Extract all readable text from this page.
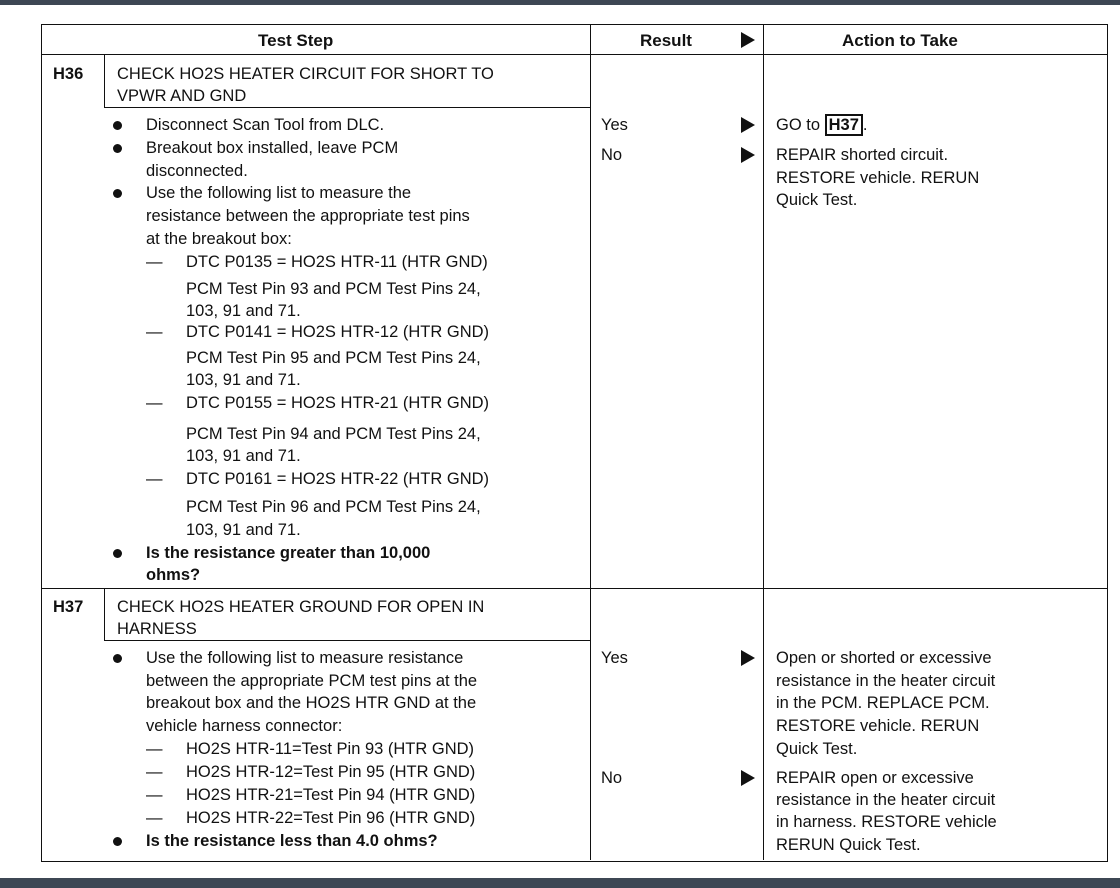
Test Step	Result	Action to Take
H36 CHECK HO2S HEATER CIRCUIT FOR SHORT TO
VPWR AND GND
Disconnect Scan Tool from DLC.
Breakout box installed, leave PCM
disconnected.
Use the following list to measure the
resistance between the appropriate test pins
at the breakout box:
— DTC P0135 = HO2S HTR-11 (HTR GND)
PCM Test Pin 93 and PCM Test Pins 24,
103, 91 and 71.
— DTC P0141 = HO2S HTR-12 (HTR GND)
PCM Test Pin 95 and PCM Test Pins 24,
103, 91 and 71.
— DTC P0155 = HO2S HTR-21 (HTR GND)
PCM Test Pin 94 and PCM Test Pins 24,
103, 91 and 71.
— DTC P0161 = HO2S HTR-22 (HTR GND)
PCM Test Pin 96 and PCM Test Pins 24,
103, 91 and 71.
Is the resistance greater than 10,000
ohms?
Yes	GO to H37 .
No	REPAIR shorted circuit.
RESTORE vehicle. RERUN
Quick Test.
H37 CHECK HO2S HEATER GROUND FOR OPEN IN
HARNESS
Use the following list to measure resistance
between the appropriate PCM test pins at the
breakout box and the HO2S HTR GND at the
vehicle harness connector:
— HO2S HTR-11=Test Pin 93 (HTR GND)
— HO2S HTR-12=Test Pin 95 (HTR GND)
— HO2S HTR-21=Test Pin 94 (HTR GND)
— HO2S HTR-22=Test Pin 96 (HTR GND)
Is the resistance less than 4.0 ohms?
Yes	Open or shorted or excessive
resistance in the heater circuit
in the PCM. REPLACE PCM.
RESTORE vehicle. RERUN
Quick Test.
No	REPAIR open or excessive
resistance in the heater circuit
in harness. RESTORE vehicle
RERUN Quick Test.
